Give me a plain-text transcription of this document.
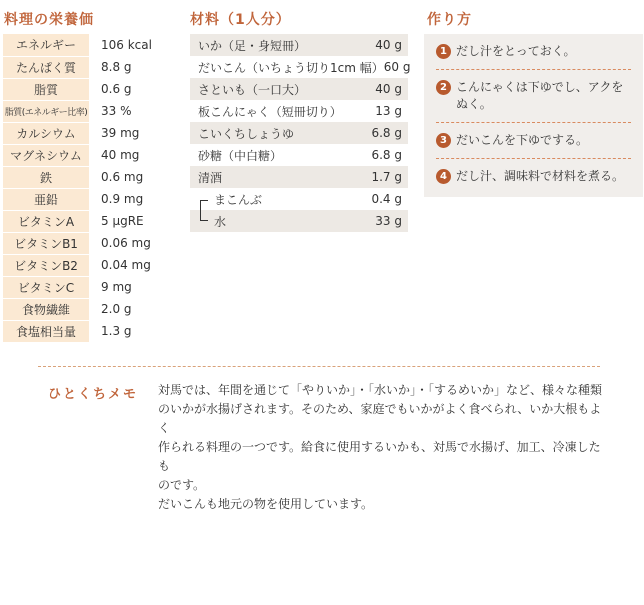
料理の栄養価
エネルギー	106 kcal
たんぱく質	8.8 g
脂質	0.6 g
脂質(エネルギー比率)	33 %
カルシウム	39 mg
マグネシウム	40 mg
鉄	0.6 mg
亜鉛	0.9 mg
ビタミンA	5 μgRE
ビタミンB1	0.06 mg
ビタミンB2	0.04 mg
ビタミンC	9 mg
食物繊維	2.0 g
食塩相当量	1.3 g
材料（1人分）
いか（足・身短冊）	40 g
だいこん（いちょう切り1cm 幅） 60 g
さといも（一口大）	40 g
板こんにゃく（短冊切り）	13 g
こいくちしょうゆ	6.8 g
砂糖（中白糖）	6.8 g
清酒	1.7 g
まこんぶ	0.4 g
水	33 g
作り方
1 だし汁をとっておく。
2 こんにゃくは下ゆでし、アクをぬく。
3 だいこんを下ゆでする。
4 だし汁、調味料で材料を煮る。
ひとくちメモ 対馬では、年間を通じて「やりいか」・「水いか」・「するめいか」など、様々な種類
のいかが水揚げされます。そのため、家庭でもいかがよく食べられ、いか大根もよく
作られる料理の一つです。給食に使用するいかも、対馬で水揚げ、加工、冷凍したも
のです。
だいこんも地元の物を使用しています。
